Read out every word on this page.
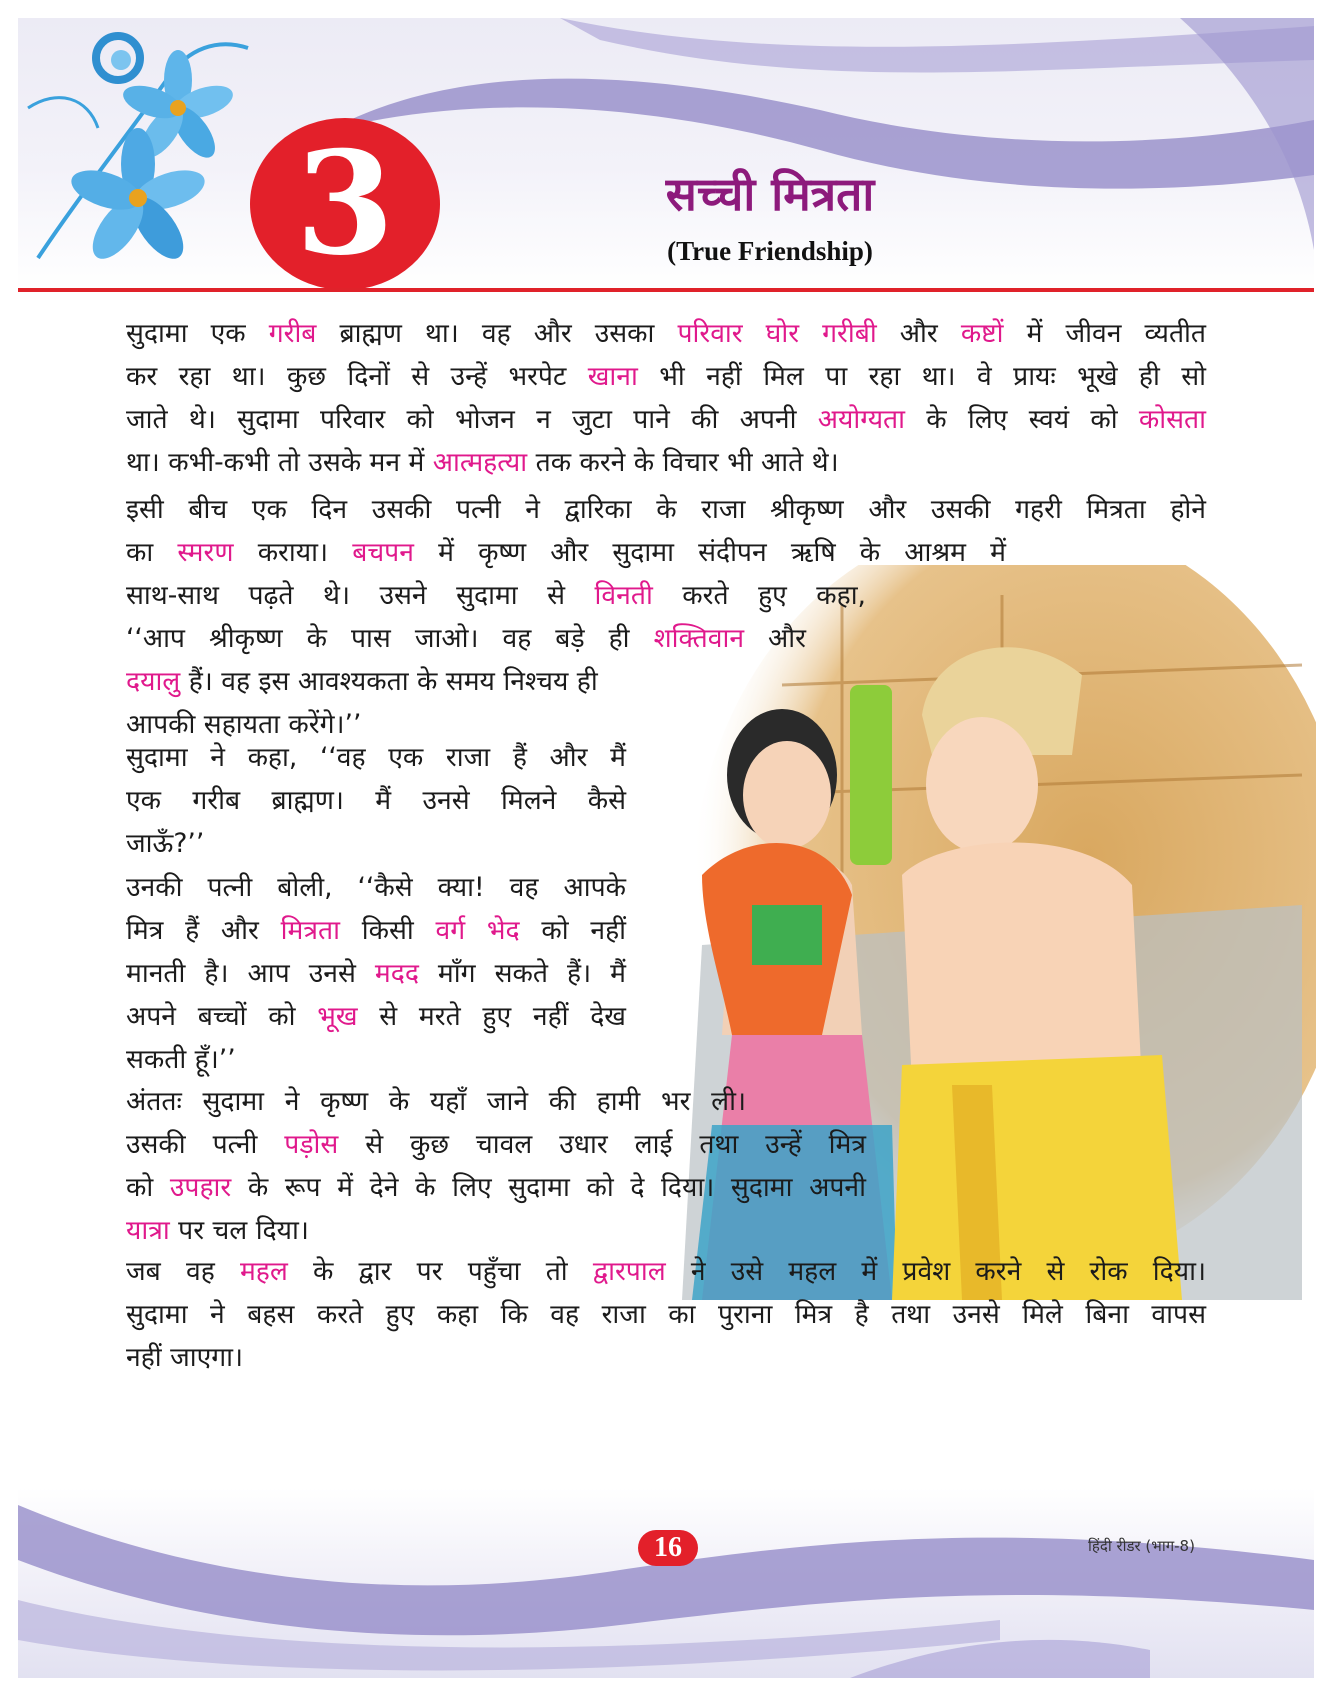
3	सच्ची मित्रता
(True Friendship)
सुदामा एक गरीब ब्राह्मण था। वह और उसका परिवार घोर गरीबी और कष्टों में जीवन व्यतीत
कर रहा था। कुछ दिनों से उन्हें भरपेट खाना भी नहीं मिल पा रहा था। वे प्रायः भूखे ही सो
जाते थे। सुदामा परिवार को भोजन न जुटा पाने की अपनी अयोग्यता के लिए स्वयं को कोसता
था। कभी-कभी तो उसके मन में आत्महत्या तक करने के विचार भी आते थे।
इसी बीच एक दिन उसकी पत्नी ने द्वारिका के राजा श्रीकृष्ण और उसकी गहरी मित्रता होने
का स्मरण कराया। बचपन में कृष्ण और सुदामा संदीपन ऋषि के आश्रम में
साथ-साथ पढ़ते थे। उसने सुदामा से विनती करते हुए कहा,
‘‘आप श्रीकृष्ण के पास जाओ। वह बड़े ही शक्तिवान और
दयालु हैं। वह इस आवश्यकता के समय निश्चय ही
आपकी सहायता करेंगे।’’
सुदामा ने कहा, ‘‘वह एक राजा हैं और मैं
एक गरीब ब्राह्मण। मैं उनसे मिलने कैसे
जाऊँ?’’
उनकी पत्नी बोली, ‘‘कैसे क्या! वह आपके
मित्र हैं और मित्रता किसी वर्ग भेद को नहीं
मानती है। आप उनसे मदद माँग सकते हैं। मैं
अपने बच्चों को भूख से मरते हुए नहीं देख
सकती हूँ।’’
अंततः सुदामा ने कृष्ण के यहाँ जाने की हामी भर ली।
उसकी पत्नी पड़ोस से कुछ चावल उधार लाई तथा उन्हें मित्र
को उपहार के रूप में देने के लिए सुदामा को दे दिया। सुदामा अपनी
यात्रा पर चल दिया।
जब वह महल के द्वार पर पहुँचा तो द्वारपाल ने उसे महल में प्रवेश करने से रोक दिया।
सुदामा ने बहस करते हुए कहा कि वह राजा का पुराना मित्र है तथा उनसे मिले बिना वापस
नहीं जाएगा।
16	हिंदी रीडर (भाग-8)
